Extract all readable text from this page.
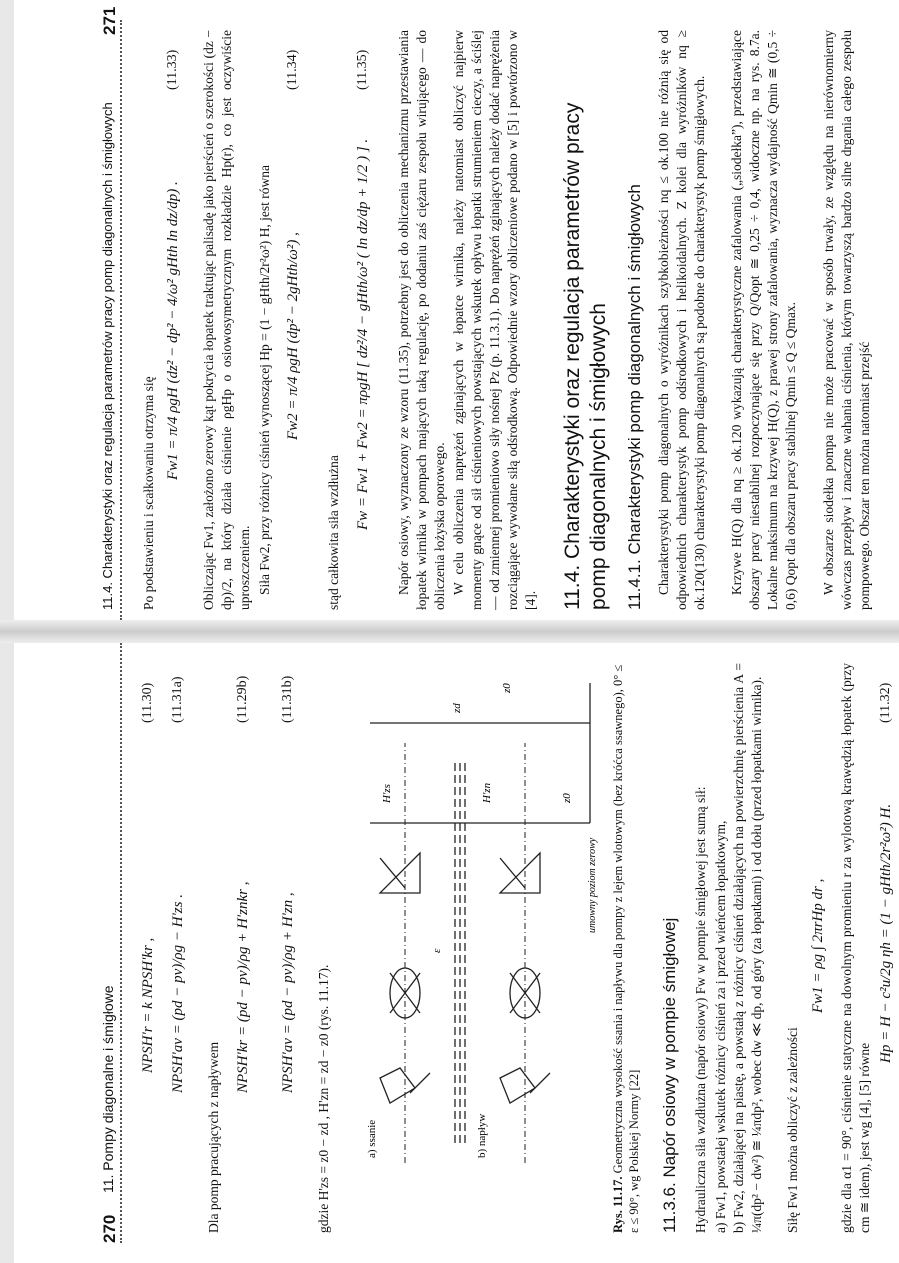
270
11. Pompy diagonalne i śmigłowe NPSH'r = k NPSH'kr ,
(11.30)
NPSH'av = (pd − pv)/ρg − H'zs .
(11.31a)
Dla pomp pracujących z napływem
NPSH'kr = (pd − pv)/ρg + H'znkr ,
(11.29b)
NPSH'av = (pd − pv)/ρg + H'zn ,
(11.31b)
gdzie H'zs = z0 − zd , H'zn = zd − z0 (rys. 11.17).	a) ssanie	b) napływ
ε
H'zs	H'zn
zd
z0
z0
umowny poziom zerowy
Rys. 11.17. Geometryczna wysokość ssania i napływu dla pompy z lejem wlotowym (bez króćca ssawnego), 0° ≤ ε ≤ 90°, wg Polskiej Normy [22] 11.3.6. Napór osiowy w pompie śmigłowej Hydrauliczna siła wzdłużna (napór osiowy) Fw w pompie śmigłowej jest sumą sił: a) Fw1, powstałej wskutek różnicy ciśnień za i przed wieńcem łopatkowym, b) Fw2, działającej na piastę, a powstałą z różnicy ciśnień działających na powierzchnię pierścienia A = ¼π(dp² − dw²) ≅ ¼πdp², wobec dw ≪ dp, od góry (za łopatkami) i od dołu (przed łopatkami wirnika). Siłę Fw1 można obliczyć z zależności
Fw1 = ρg ∫ 2πrHp dr , gdzie dla α1 = 90°, ciśnienie statyczne na dowolnym promieniu r za wylotową krawędzią łopatek (przy cm ≅ idem), jest wg [4], [5] równe
Hp = H − c²u/2g ηh = (1 − gHth/2r²ω²) H.
(11.32)
11.4. Charakterystyki oraz regulacja parametrów pracy pomp diagonalnych i śmigłowych
271
Po podstawieniu i scałkowaniu otrzyma się
Fw1 = π/4 ρgH (dz² − dp² − 4/ω² gHth ln dz/dp) .
(11.33) Obliczając Fw1, założono zerowy kąt pokrycia łopatek traktując palisadę jako pierścień o szerokości (dz − dp)/2, na który działa ciśnienie ρgHp o osiowosymetrycznym rozkładzie Hp(r), co jest oczywiście uproszczeniem. Siła Fw2, przy różnicy ciśnień wynoszącej Hp = (1 − gHth/2r²ω²) H, jest równa Fw2 = π/4 ρgH (dp² − 2gHth/ω²) ,
(11.34)
stąd całkowita siła wzdłużna
Fw = Fw1 + Fw2 = πρgH [ dz²/4 − gHth/ω² ( ln dz/dp + 1/2 ) ] .
(11.35) Napór osiowy, wyznaczony ze wzoru (11.35), potrzebny jest do obliczenia mechanizmu przestawiania łopatek wirnika w pompach mających taką regulację, po dodaniu zaś ciężaru zespołu wirującego — do obliczenia łożyska oporowego. W celu obliczenia naprężeń zginających w łopatce wirnika, należy natomiast obliczyć najpierw momenty gnące od sił ciśnieniowych powstających wskutek opływu łopatki strumieniem cieczy, a ściślej — od zmiennej promieniowo siły nośnej Pz (p. 11.3.1). Do naprężeń zginających należy dodać naprężenia rozciągające wywołane siłą odśrodkową. Odpowiednie wzory obliczeniowe podano w [5] i powtórzono w [4]. 11.4. Charakterystyki oraz regulacja parametrów pracy pomp diagonalnych i śmigłowych 11.4.1. Charakterystyki pomp diagonalnych i śmigłowych Charakterystyki pomp diagonalnych o wyróżnikach szybkobieżności nq ≤ ok.100 nie różnią się od odpowiednich charakterystyk pomp odśrodkowych i helikoidalnych. Z kolei dla wyróżników nq ≥ ok.120(130) charakterystyki pomp diagonalnych są podobne do charakterystyk pomp śmigłowych. Krzywe H(Q) dla nq ≥ ok.120 wykazują charakterystyczne zafalowania („siodełka”), przedstawiające obszary pracy niestabilnej rozpoczynające się przy Q/Qopt ≅ 0,25 ÷ 0,4, widoczne np. na rys. 8.7a. Lokalne maksimum na krzywej H(Q), z prawej strony zafalowania, wyznacza wydajność Qmin ≅ (0,5 ÷ 0,6) Qopt dla obszaru pracy stabilnej Qmin ≤ Q ≤ Qmax. W obszarze siodełka pompa nie może pracować w sposób trwały, ze względu na nierównomierny wówczas przepływ i znaczne wahania ciśnienia, którym towarzyszą bardzo silne drgania całego zespołu pompowego. Obszar ten można natomiast przejść
